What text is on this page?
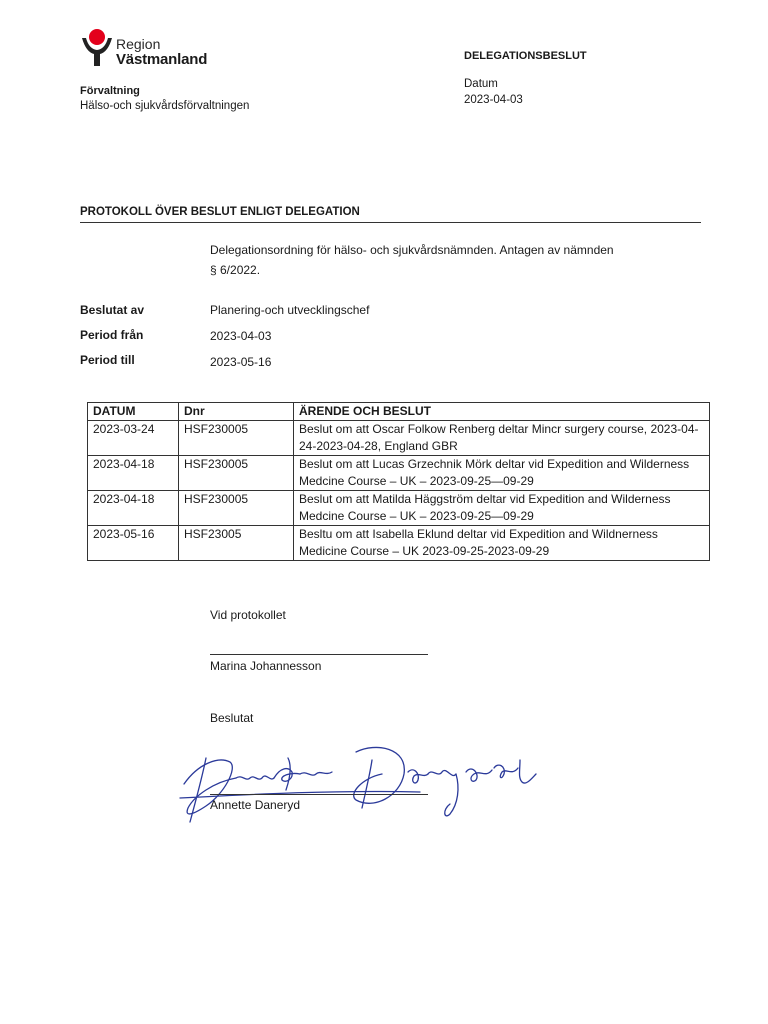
Region
Västmanland	DELEGATIONSBESLUT
Datum
2023-04-03
Förvaltning
Hälso-och sjukvårdsförvaltningen
PROTOKOLL ÖVER BESLUT ENLIGT DELEGATION
Delegationsordning för hälso- och sjukvårdsnämnden. Antagen av nämnden
§ 6/2022.
Beslutat av	Planering-och utvecklingschef
Period från	2023-04-03
Period till	2023-05-16
DATUM	Dnr	ÄRENDE OCH BESLUT
2023-03-24	HSF230005	Beslut om att Oscar Folkow Renberg deltar Mincr surgery course, 2023-04-24-2023-04-28, England GBR
2023-04-18	HSF230005	Beslut om att Lucas Grzechnik Mörk deltar vid Expedition and Wilderness Medcine Course – UK – 2023-09-25—09-29
2023-04-18	HSF230005	Beslut om att Matilda Häggström deltar vid Expedition and Wilderness Medcine Course – UK – 2023-09-25—09-29
2023-05-16	HSF23005	Besltu om att Isabella Eklund deltar vid Expedition and Wildnerness Medicine Course – UK 2023-09-25-2023-09-29
Vid protokollet
Marina Johannesson
Beslutat
Annette Daneryd
